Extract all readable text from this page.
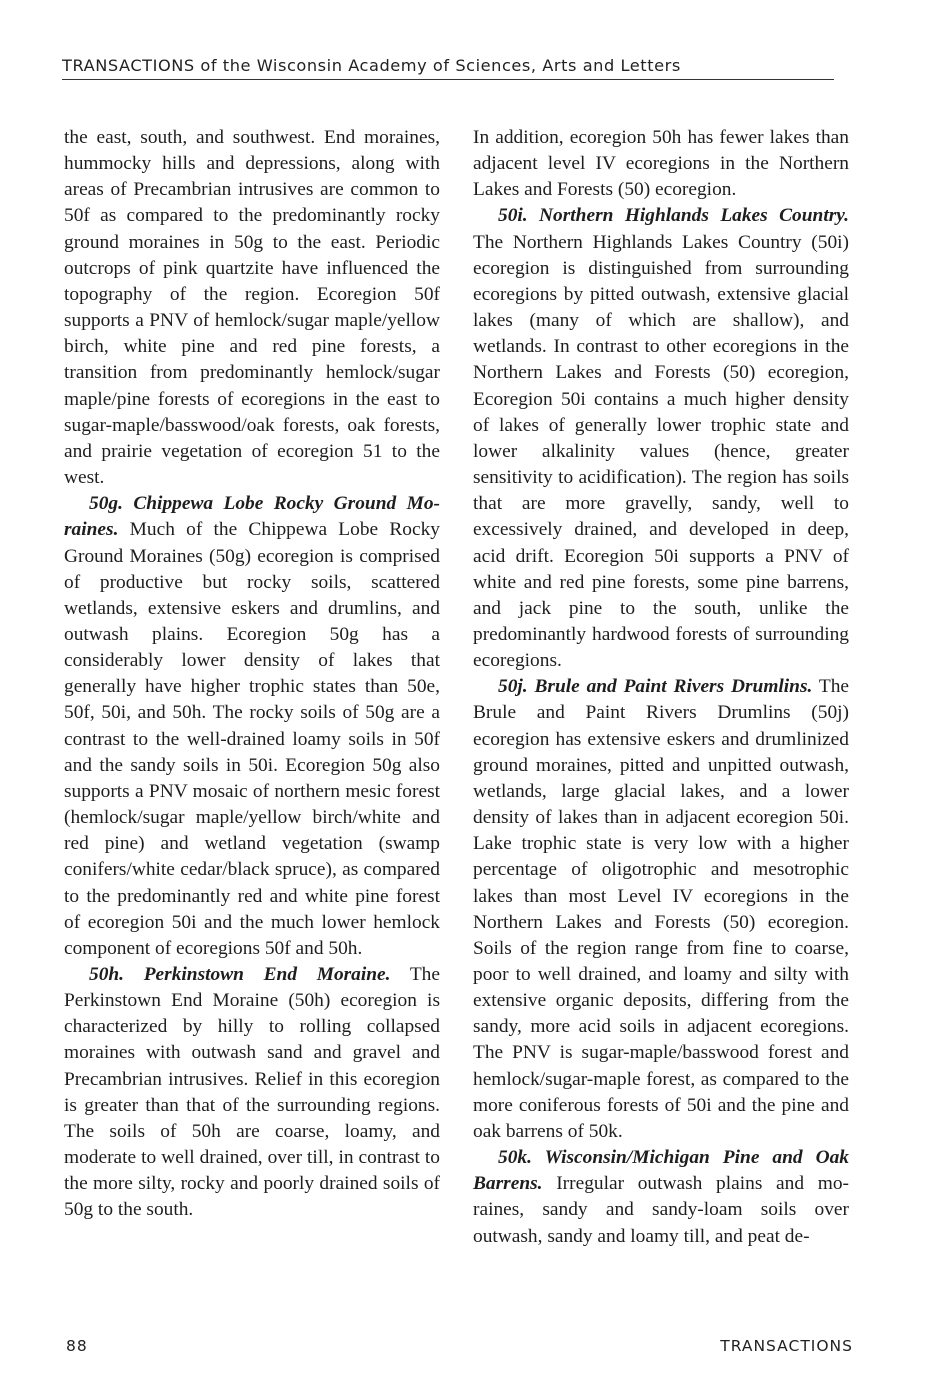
TRANSACTIONS of the Wisconsin Academy of Sciences, Arts and Letters

the east, south, and southwest. End moraines, hummocky hills and depressions, along with areas of Precambrian intrusives are common to 50f as compared to the predominantly rocky ground moraines in 50g to the east. Periodic outcrops of pink quartzite have influenced the topography of the region. Ecoregion 50f supports a PNV of hemlock/sugar maple/yellow birch, white pine and red pine forests, a transition from predominantly hemlock/sugar maple/pine forests of ecoregions in the east to sugar-maple/basswood/oak forests, oak forests, and prairie vegetation of ecoregion 51 to the west.

50g. Chippewa Lobe Rocky Ground Moraines. Much of the Chippewa Lobe Rocky Ground Moraines (50g) ecoregion is comprised of productive but rocky soils, scattered wetlands, extensive eskers and drumlins, and outwash plains. Ecoregion 50g has a considerably lower density of lakes that generally have higher trophic states than 50e, 50f, 50i, and 50h. The rocky soils of 50g are a contrast to the well-drained loamy soils in 50f and the sandy soils in 50i. Ecoregion 50g also supports a PNV mosaic of northern mesic forest (hemlock/sugar maple/yellow birch/white and red pine) and wetland vegetation (swamp conifers/white cedar/​black spruce), as compared to the predominantly red and white pine forest of ecoregion 50i and the much lower hemlock component of ecoregions 50f and 50h.

50h. Perkinstown End Moraine. The Perkinstown End Moraine (50h) ecoregion is characterized by hilly to rolling collapsed moraines with outwash sand and gravel and Precambrian intrusives. Relief in this ecoregion is greater than that of the surrounding regions. The soils of 50h are coarse, loamy, and moderate to well drained, over till, in contrast to the more silty, rocky and poorly drained soils of 50g to the south.

In addition, ecoregion 50h has fewer lakes than adjacent level IV ecoregions in the Northern Lakes and Forests (50) ecoregion.

50i. Northern Highlands Lakes Country. The Northern Highlands Lakes Country (50i) ecoregion is distinguished from surrounding ecoregions by pitted outwash, extensive glacial lakes (many of which are shallow), and wetlands. In contrast to other ecoregions in the Northern Lakes and Forests (50) ecoregion, Ecoregion 50i contains a much higher density of lakes of generally lower trophic state and lower alkalinity values (hence, greater sensitivity to acidification). The region has soils that are more gravelly, sandy, well to excessively drained, and developed in deep, acid drift. Ecoregion 50i supports a PNV of white and red pine forests, some pine barrens, and jack pine to the south, unlike the predominantly hardwood forests of surrounding ecoregions.

50j. Brule and Paint Rivers Drumlins. The Brule and Paint Rivers Drumlins (50j) ecoregion has extensive eskers and drumlinized ground moraines, pitted and unpitted outwash, wetlands, large glacial lakes, and a lower density of lakes than in adjacent ecoregion 50i. Lake trophic state is very low with a higher percentage of oligotrophic and mesotrophic lakes than most Level IV ecoregions in the Northern Lakes and Forests (50) ecoregion. Soils of the region range from fine to coarse, poor to well drained, and loamy and silty with extensive organic deposits, differing from the sandy, more acid soils in adjacent ecoregions. The PNV is sugar-maple/basswood forest and hemlock/​sugar-maple forest, as compared to the more coniferous forests of 50i and the pine and oak barrens of 50k.

50k. Wisconsin/Michigan Pine and Oak Barrens. Irregular outwash plains and moraines, sandy and sandy-loam soils over outwash, sandy and loamy till, and peat de-

88	TRANSACTIONS
